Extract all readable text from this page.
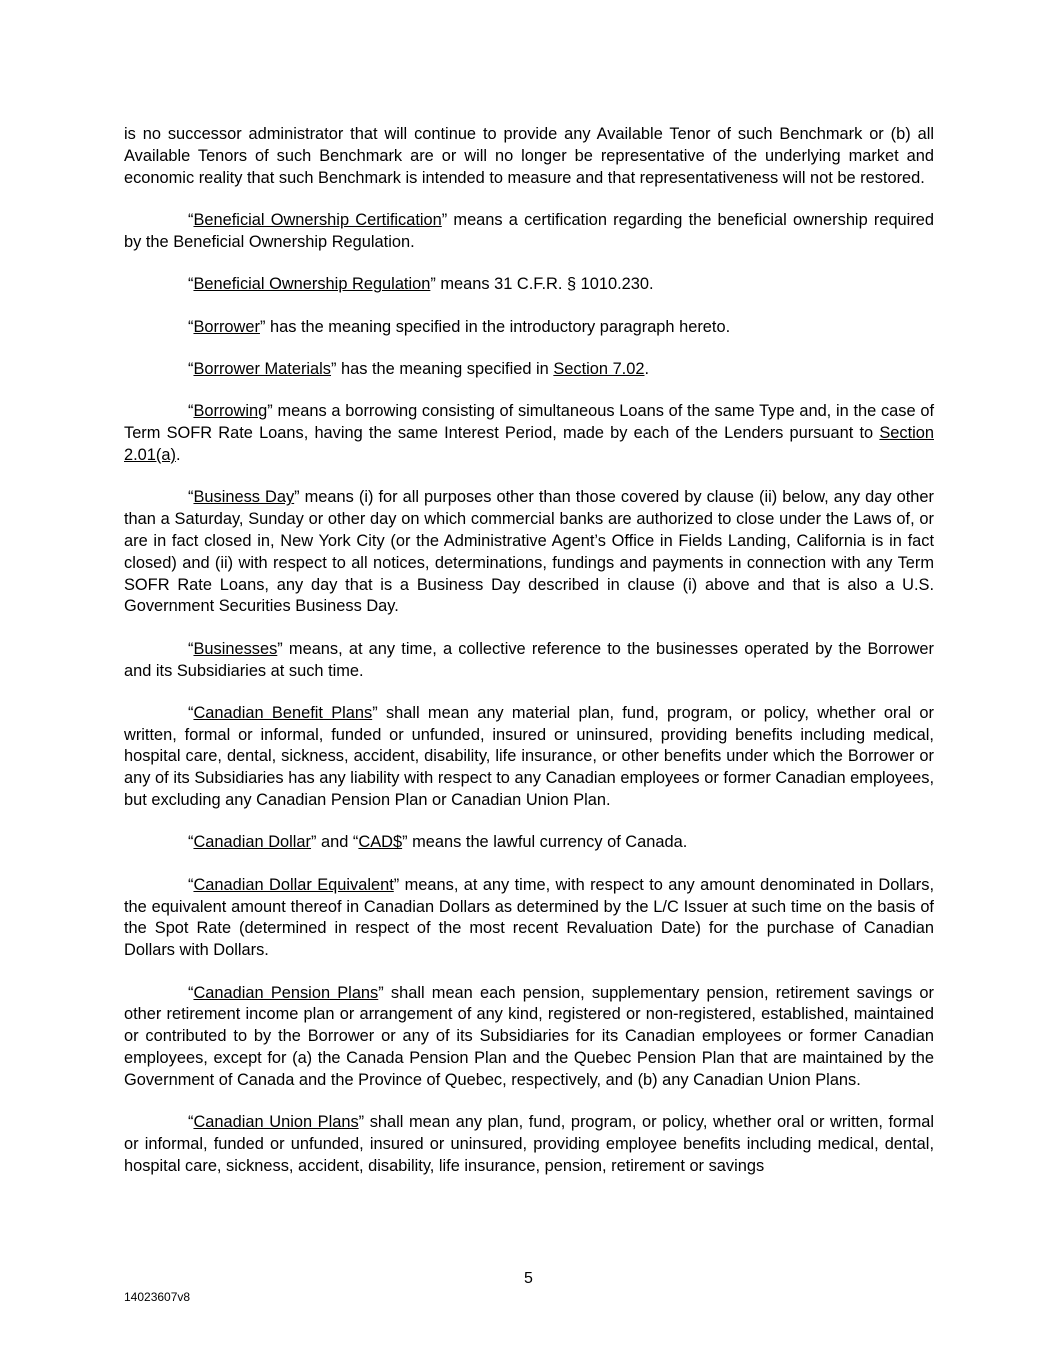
is no successor administrator that will continue to provide any Available Tenor of such Benchmark or (b) all Available Tenors of such Benchmark are or will no longer be representative of the underlying market and economic reality that such Benchmark is intended to measure and that representativeness will not be restored.

“Beneficial Ownership Certification” means a certification regarding the beneficial ownership required by the Beneficial Ownership Regulation.

“Beneficial Ownership Regulation” means 31 C.F.R. § 1010.230.

“Borrower” has the meaning specified in the introductory paragraph hereto.

“Borrower Materials” has the meaning specified in Section 7.02.

“Borrowing” means a borrowing consisting of simultaneous Loans of the same Type and, in the case of Term SOFR Rate Loans, having the same Interest Period, made by each of the Lenders pursuant to Section 2.01(a).

“Business Day” means (i) for all purposes other than those covered by clause (ii) below, any day other than a Saturday, Sunday or other day on which commercial banks are authorized to close under the Laws of, or are in fact closed in, New York City (or the Administrative Agent’s Office in Fields Landing, California is in fact closed) and (ii) with respect to all notices, determinations, fundings and payments in connection with any Term SOFR Rate Loans, any day that is a Business Day described in clause (i) above and that is also a U.S. Government Securities Business Day.

“Businesses” means, at any time, a collective reference to the businesses operated by the Borrower and its Subsidiaries at such time.

“Canadian Benefit Plans” shall mean any material plan, fund, program, or policy, whether oral or written, formal or informal, funded or unfunded, insured or uninsured, providing benefits including medical, hospital care, dental, sickness, accident, disability, life insurance, or other benefits under which the Borrower or any of its Subsidiaries has any liability with respect to any Canadian employees or former Canadian employees, but excluding any Canadian Pension Plan or Canadian Union Plan.

“Canadian Dollar” and “CAD$” means the lawful currency of Canada.

“Canadian Dollar Equivalent” means, at any time, with respect to any amount denominated in Dollars, the equivalent amount thereof in Canadian Dollars as determined by the L/C Issuer at such time on the basis of the Spot Rate (determined in respect of the most recent Revaluation Date) for the purchase of Canadian Dollars with Dollars.

“Canadian Pension Plans” shall mean each pension, supplementary pension, retirement savings or other retirement income plan or arrangement of any kind, registered or non-registered, established, maintained or contributed to by the Borrower or any of its Subsidiaries for its Canadian employees or former Canadian employees, except for (a) the Canada Pension Plan and the Quebec Pension Plan that are maintained by the Government of Canada and the Province of Quebec, respectively, and (b) any Canadian Union Plans.

“Canadian Union Plans” shall mean any plan, fund, program, or policy, whether oral or written, formal or informal, funded or unfunded, insured or uninsured, providing employee benefits including medical, dental, hospital care, sickness, accident, disability, life insurance, pension, retirement or savings

5
14023607v8
